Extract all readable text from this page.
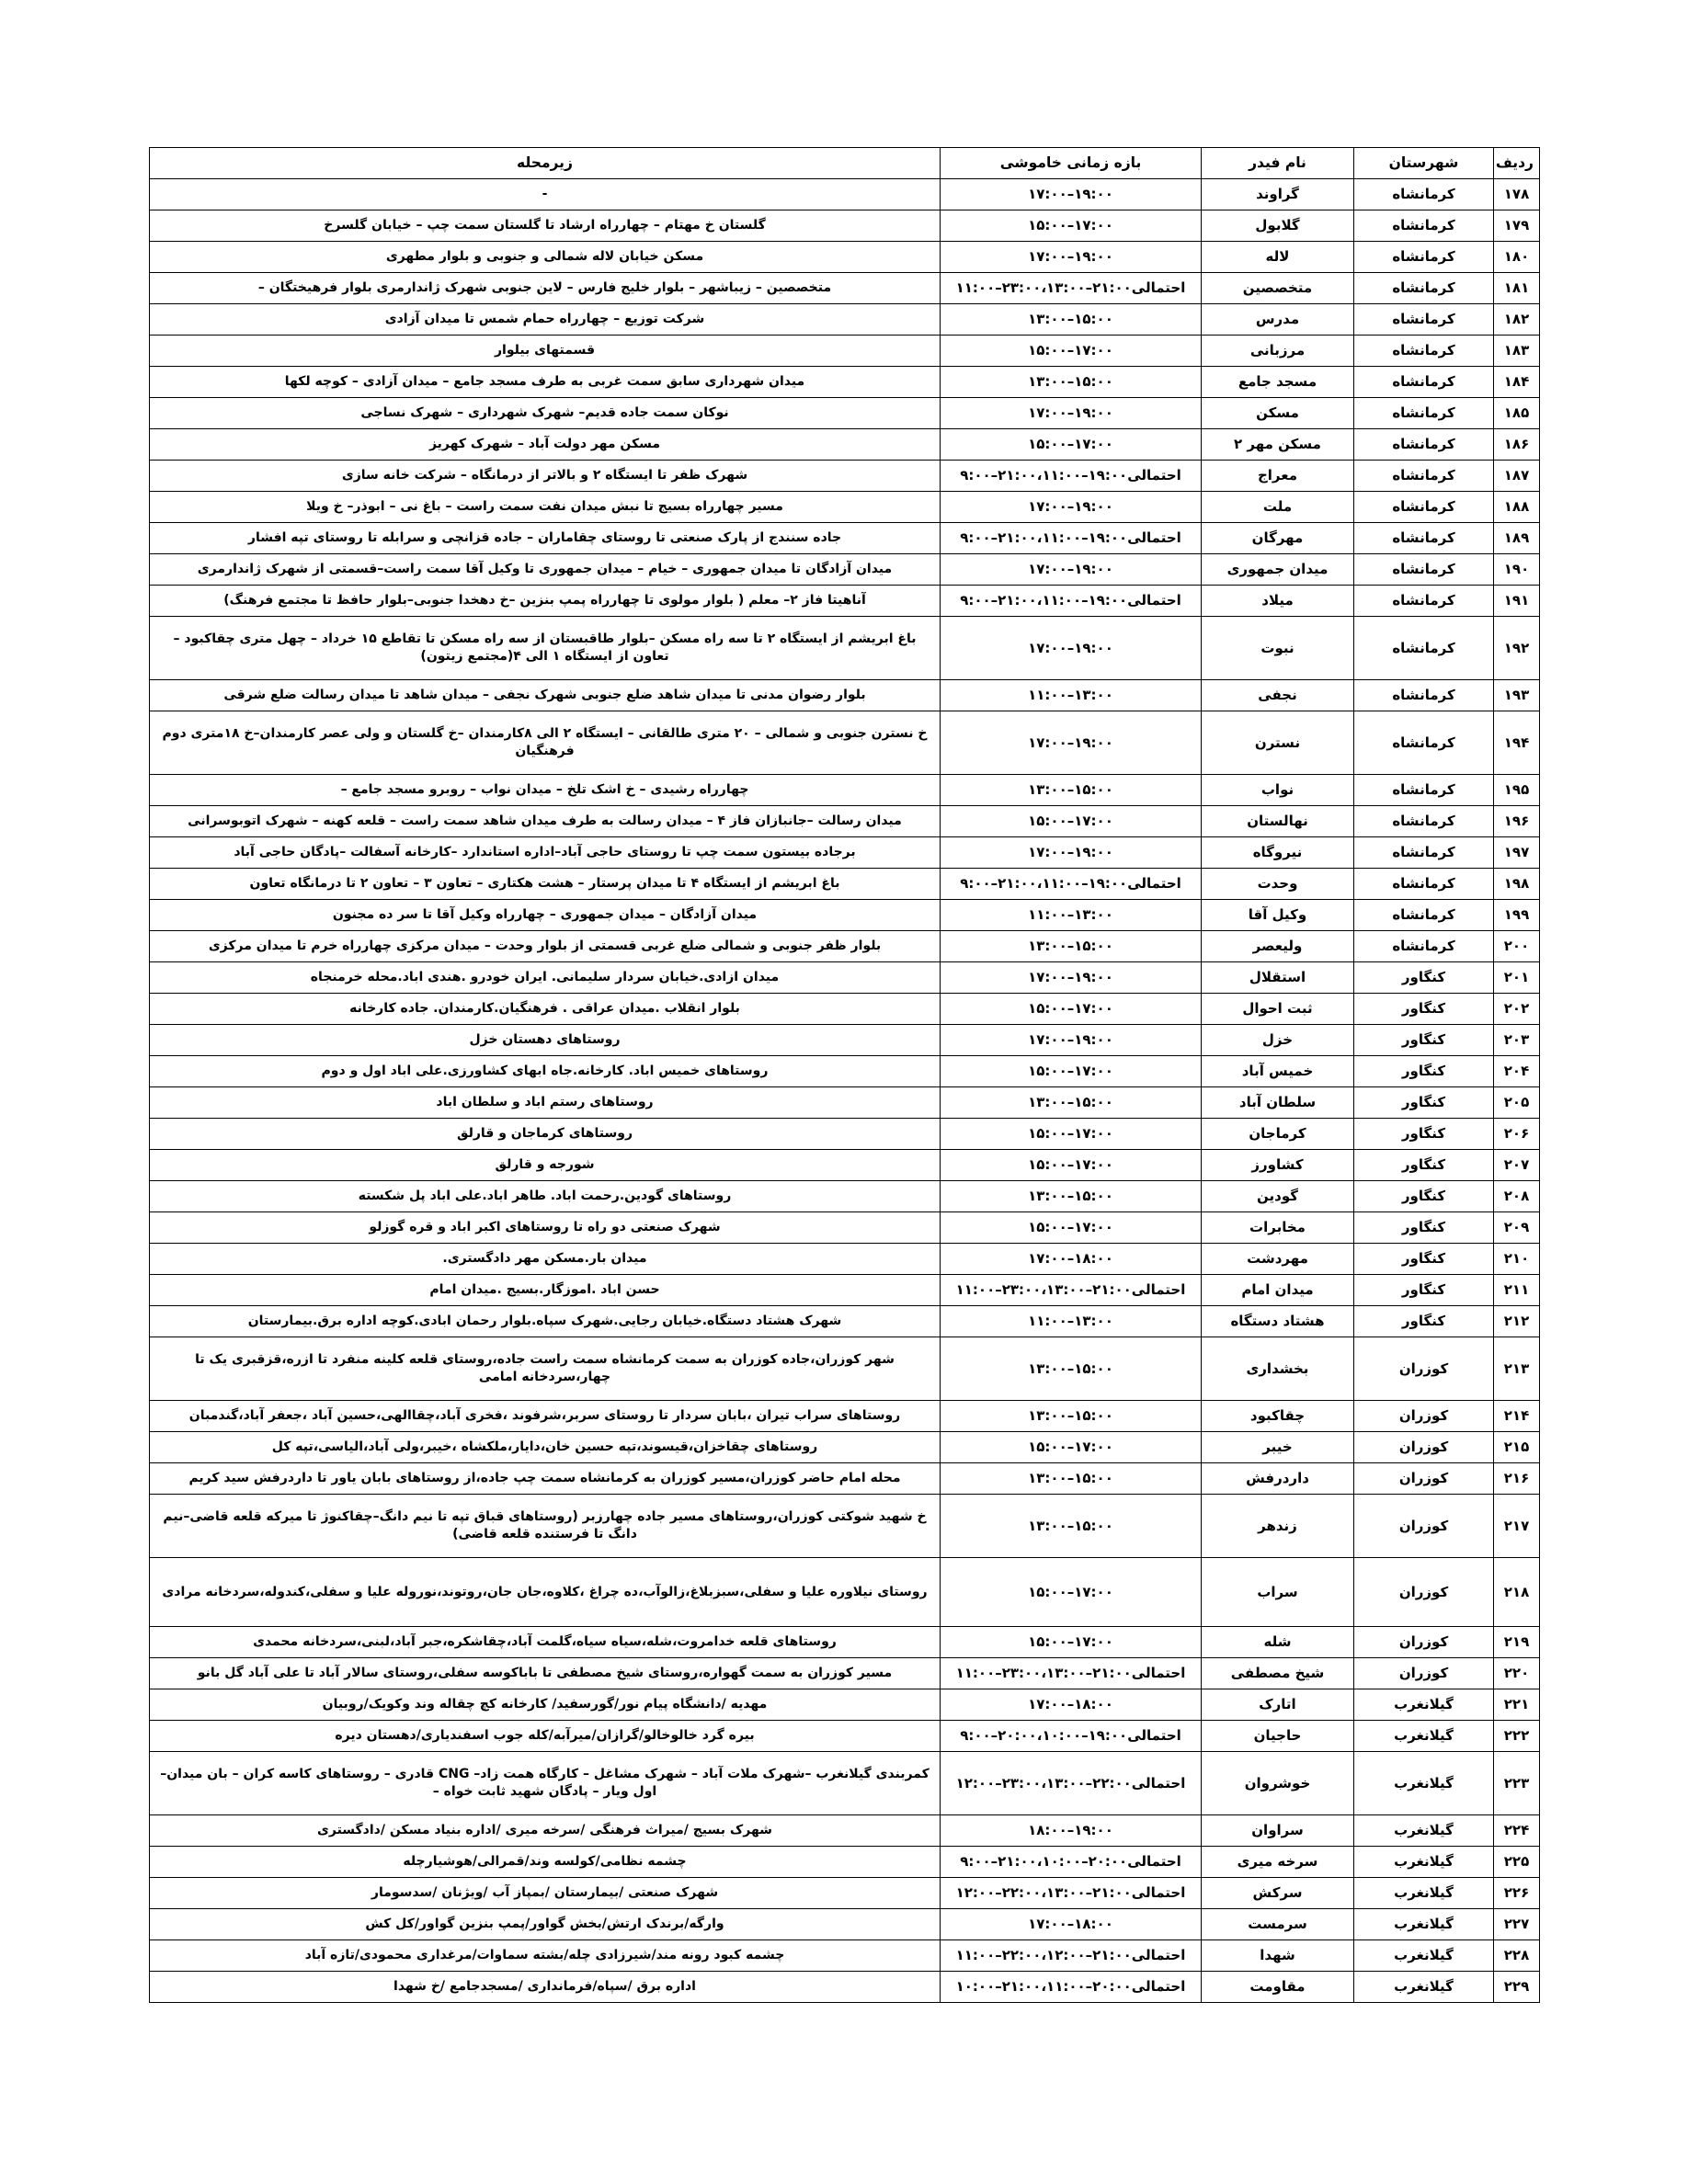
ردیف	شهرستان	نام فیدر	بازه زمانی خاموشی	زیرمحله
۱۷۸	کرمانشاه	گراوند	۱۹:۰۰–۱۷:۰۰	-
۱۷۹	کرمانشاه	گلابول	۱۷:۰۰–۱۵:۰۰	گلستان خ مهتام – چهارراه ارشاد تا گلستان سمت چپ – خیابان گلسرخ
۱۸۰	کرمانشاه	لاله	۱۹:۰۰–۱۷:۰۰	مسکن خیابان لاله شمالی و جنوبی و بلوار مطهری
۱۸۱	کرمانشاه	متخصصین	احتمالی۲۱:۰۰–۲۳:۰۰،۱۳:۰۰–۱۱:۰۰	متخصصین – زیباشهر – بلوار خلیج فارس – لاین جنوبی شهرک ژاندارمری بلوار فرهیختگان –
۱۸۲	کرمانشاه	مدرس	۱۵:۰۰–۱۳:۰۰	شرکت توزیع – چهارراه حمام شمس تا میدان آزادی
۱۸۳	کرمانشاه	مرزبانی	۱۷:۰۰–۱۵:۰۰	قسمتهای بیلوار
۱۸۴	کرمانشاه	مسجد جامع	۱۵:۰۰–۱۳:۰۰	میدان شهرداری سابق سمت غربی به طرف مسجد جامع – میدان آزادی – کوچه لکها
۱۸۵	کرمانشاه	مسکن	۱۹:۰۰–۱۷:۰۰	نوکان سمت جاده قدیم– شهرک شهرداری – شهرک نساجی
۱۸۶	کرمانشاه	مسکن مهر ۲	۱۷:۰۰–۱۵:۰۰	مسکن مهر دولت آباد – شهرک کهریز
۱۸۷	کرمانشاه	معراج	احتمالی۱۹:۰۰–۲۱:۰۰،۱۱:۰۰–۹:۰۰	شهرک ظفر تا ایستگاه ۲ و بالاتر از درمانگاه – شرکت خانه سازی
۱۸۸	کرمانشاه	ملت	۱۹:۰۰–۱۷:۰۰	مسیر چهارراه بسیج تا نبش میدان نفت سمت راست – باغ نی – ابوذر– خ ویلا
۱۸۹	کرمانشاه	مهرگان	احتمالی۱۹:۰۰–۲۱:۰۰،۱۱:۰۰–۹:۰۰	جاده سنندج از پارک صنعتی تا روستای چقاماران – جاده قزانچی و سرابله تا روستای تپه افشار
۱۹۰	کرمانشاه	میدان جمهوری	۱۹:۰۰–۱۷:۰۰	میدان آزادگان تا میدان جمهوری – خیام – میدان جمهوری تا وکیل آقا سمت راست–قسمتی از شهرک ژاندارمری
۱۹۱	کرمانشاه	میلاد	احتمالی۱۹:۰۰–۲۱:۰۰،۱۱:۰۰–۹:۰۰	آناهیتا فاز ۲– معلم ( بلوار مولوی تا چهارراه پمپ بنزین –خ دهخدا جنوبی–بلوار حافظ تا مجتمع فرهنگ)
۱۹۲	کرمانشاه	نبوت	۱۹:۰۰–۱۷:۰۰	باغ ابریشم از ایستگاه ۲ تا سه راه مسکن –بلوار طاقبستان از سه راه مسکن تا تقاطع ۱۵ خرداد – چهل متری چقاکبود –تعاون از ایستگاه ۱ الی ۴(مجتمع زیتون)
۱۹۳	کرمانشاه	نجفی	۱۳:۰۰–۱۱:۰۰	بلوار رضوان مدنی تا میدان شاهد ضلع جنوبی شهرک نجفی – میدان شاهد تا میدان رسالت ضلع شرقی
۱۹۴	کرمانشاه	نسترن	۱۹:۰۰–۱۷:۰۰	خ نسترن جنوبی و شمالی – ۲۰ متری طالقانی – ایستگاه ۲ الی ۸کارمندان –خ گلستان و ولی عصر کارمندان–خ ۱۸متری دوم فرهنگیان
۱۹۵	کرمانشاه	نواب	۱۵:۰۰–۱۳:۰۰	چهارراه رشیدی – خ اشک تلخ – میدان نواب – روبرو مسجد جامع –
۱۹۶	کرمانشاه	نهالستان	۱۷:۰۰–۱۵:۰۰	میدان رسالت –جانبازان فاز ۴ – میدان رسالت به طرف میدان شاهد سمت راست – قلعه کهنه – شهرک اتوبوسرانی
۱۹۷	کرمانشاه	نیروگاه	۱۹:۰۰–۱۷:۰۰	برجاده بیستون سمت چپ تا روستای حاجی آباد–اداره استاندارد –کارخانه آسفالت –پادگان حاجی آباد
۱۹۸	کرمانشاه	وحدت	احتمالی۱۹:۰۰–۲۱:۰۰،۱۱:۰۰–۹:۰۰	باغ ابریشم از ایستگاه ۴ تا میدان پرستار – هشت هکتاری – تعاون ۳ – تعاون ۲ تا درمانگاه تعاون
۱۹۹	کرمانشاه	وکیل آقا	۱۳:۰۰–۱۱:۰۰	میدان آزادگان – میدان جمهوری – چهارراه وکیل آقا تا سر ده مجنون
۲۰۰	کرمانشاه	ولیعصر	۱۵:۰۰–۱۳:۰۰	بلوار ظفر جنوبی و شمالی ضلع غربی قسمتی از بلوار وحدت – میدان مرکزی چهارراه خرم تا میدان مرکزی
۲۰۱	کنگاور	استقلال	۱۹:۰۰–۱۷:۰۰	میدان ازادی.خیابان سردار سلیمانی. ایران خودرو .هندی اباد.محله خرمنجاه
۲۰۲	کنگاور	ثبت احوال	۱۷:۰۰–۱۵:۰۰	بلوار انقلاب .میدان عراقی . فرهنگیان.کارمندان. جاده کارخانه
۲۰۳	کنگاور	خزل	۱۹:۰۰–۱۷:۰۰	روستاهای دهستان خزل
۲۰۴	کنگاور	خمیس آباد	۱۷:۰۰–۱۵:۰۰	روستاهای خمیس اباد. کارخانه.جاه ابهای کشاورزی.علی اباد اول و دوم
۲۰۵	کنگاور	سلطان آباد	۱۵:۰۰–۱۳:۰۰	روستاهای رستم اباد و سلطان اباد
۲۰۶	کنگاور	کرماجان	۱۷:۰۰–۱۵:۰۰	روستاهای کرماجان و قارلق
۲۰۷	کنگاور	کشاورز	۱۷:۰۰–۱۵:۰۰	شورجه و قارلق
۲۰۸	کنگاور	گودین	۱۵:۰۰–۱۳:۰۰	روستاهای گودین.رحمت اباد. طاهر اباد.علی اباد پل شکسته
۲۰۹	کنگاور	مخابرات	۱۷:۰۰–۱۵:۰۰	شهرک صنعتی دو راه تا روستاهای اکبر اباد و قره گوزلو
۲۱۰	کنگاور	مهردشت	۱۸:۰۰–۱۷:۰۰	میدان بار.مسکن مهر دادگستری.
۲۱۱	کنگاور	میدان امام	احتمالی۲۱:۰۰–۲۳:۰۰،۱۳:۰۰–۱۱:۰۰	حسن اباد .اموزگار.بسیج .میدان امام
۲۱۲	کنگاور	هشتاد دستگاه	۱۳:۰۰–۱۱:۰۰	شهرک هشتاد دستگاه.خیابان رجایی.شهرک سپاه.بلوار رحمان ابادی.کوچه اداره برق.بیمارستان
۲۱۳	کوزران	بخشداری	۱۵:۰۰–۱۳:۰۰	شهر کوزران،جاده کوزران به سمت کرمانشاه سمت راست جاده،روستای قلعه کلینه منفرد تا ازره،قزقبری یک تا چهار،سردخانه امامی
۲۱۴	کوزران	چقاکبود	۱۵:۰۰–۱۳:۰۰	روستاهای سراب تیران ،بابان سردار تا روستای سربر،شرفوند ،فخری آباد،چقاالهی،حسین آباد ،جعفر آباد،گندمبان
۲۱۵	کوزران	خیبر	۱۷:۰۰–۱۵:۰۰	روستاهای چقاخزان،قیسوند،تپه حسین خان،دایار،ملکشاه ،خیبر،ولی آباد،الیاسی،تپه کل
۲۱۶	کوزران	داردرفش	۱۵:۰۰–۱۳:۰۰	محله امام حاضر کوزران،مسیر کوزران به کرمانشاه سمت چپ جاده،از روستاهای بابان یاور تا داردرفش سید کریم
۲۱۷	کوزران	زندهر	۱۵:۰۰–۱۳:۰۰	خ شهید شوکتی کوزران،روستاهای مسیر جاده چهارزبر (روستاهای قباق تپه تا نیم دانگ–چقاکنوژ تا میرکه قلعه قاضی–نیم دانگ تا فرستنده قلعه قاضی)
۲۱۸	کوزران	سراب	۱۷:۰۰–۱۵:۰۰	روستای نیلاوره علیا و سفلی،سبزبلاغ،زالوآب،ده چراغ ،کلاوه،جان جان،روتوند،نوروله علیا و سفلی،کندوله،سردخانه مرادی
۲۱۹	کوزران	شله	۱۷:۰۰–۱۵:۰۰	روستاهای قلعه خدامروت،شله،سیاه سیاه،گلمت آباد،چقاشکره،جبر آباد،لبنی،سردخانه محمدی
۲۲۰	کوزران	شیخ مصطفی	احتمالی۲۱:۰۰–۲۳:۰۰،۱۳:۰۰–۱۱:۰۰	مسیر کوزران به سمت گهواره،روستای شیخ مصطفی تا باباکوسه سفلی،روستای سالار آباد تا علی آباد گل بانو
۲۲۱	گیلانغرب	اتارک	۱۸:۰۰–۱۷:۰۰	مهدیه /دانشگاه پیام نور/گورسفید/ کارخانه کچ چقاله وند وکویک/روبیان
۲۲۲	گیلانغرب	حاجیان	احتمالی۱۹:۰۰–۲۰:۰۰،۱۰:۰۰–۹:۰۰	بیره گرد خالوخالو/گرازان/میرآبه/کله جوب اسفندیاری/دهستان دیره
۲۲۳	گیلانغرب	خوشروان	احتمالی۲۲:۰۰–۲۳:۰۰،۱۳:۰۰–۱۲:۰۰	کمربندی گیلانغرب –شهرک ملات آباد – شهرک مشاغل – کارگاه همت زاد– CNG قادری – روستاهای کاسه کران – بان میدان– اول ویار – پادگان شهید ثابت خواه –
۲۲۴	گیلانغرب	سراوان	۱۹:۰۰–۱۸:۰۰	شهرک بسیج /میراث فرهنگی /سرخه میری /اداره بنیاد مسکن /دادگستری
۲۲۵	گیلانغرب	سرخه میری	احتمالی۲۰:۰۰–۲۱:۰۰،۱۰:۰۰–۹:۰۰	چشمه نظامی/کولسه وند/قمرالی/هوشیارچله
۲۲۶	گیلانغرب	سرکش	احتمالی۲۱:۰۰–۲۲:۰۰،۱۳:۰۰–۱۲:۰۰	شهرک صنعتی /بیمارستان /بمپاز آب /ویژنان /سدسومار
۲۲۷	گیلانغرب	سرمست	۱۸:۰۰–۱۷:۰۰	وارگه/برندک ارتش/بخش گواور/پمپ بنزین گواور/کل کش
۲۲۸	گیلانغرب	شهدا	احتمالی۲۱:۰۰–۲۲:۰۰،۱۲:۰۰–۱۱:۰۰	چشمه کبود رونه مند/شیرزادی چله/بشته سماوات/مرغداری محمودی/تازه آباد
۲۲۹	گیلانغرب	مقاومت	احتمالی۲۰:۰۰–۲۱:۰۰،۱۱:۰۰–۱۰:۰۰	اداره برق /سپاه/فرمانداری /مسجدجامع /خ شهدا
